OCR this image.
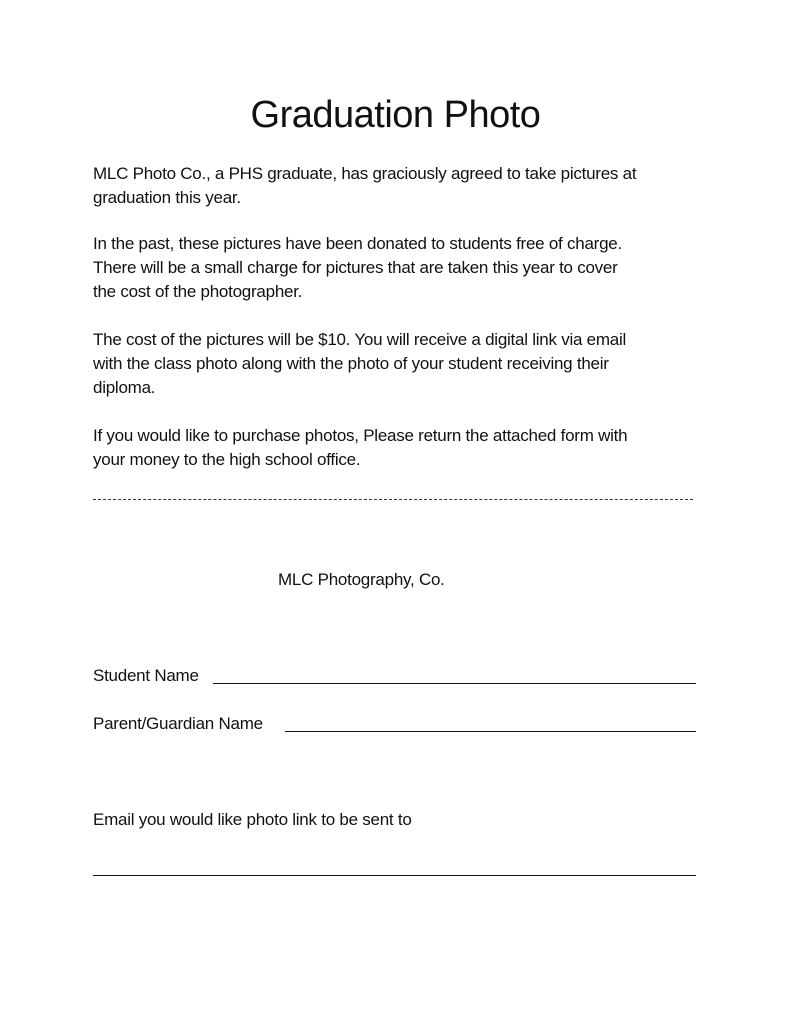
Graduation Photo
MLC Photo Co., a PHS graduate, has graciously agreed to take pictures at
graduation this year.
In the past, these pictures have been donated to students free of charge.
There will be a small charge for pictures that are taken this year to cover
the cost of the photographer.
The cost of the pictures will be $10. You will receive a digital link via email
with the class photo along with the photo of your student receiving their
diploma.
If you would like to purchase photos, Please return the attached form with
your money to the high school office.
MLC Photography, Co.
Student Name
Parent/Guardian Name
Email you would like photo link to be sent to
